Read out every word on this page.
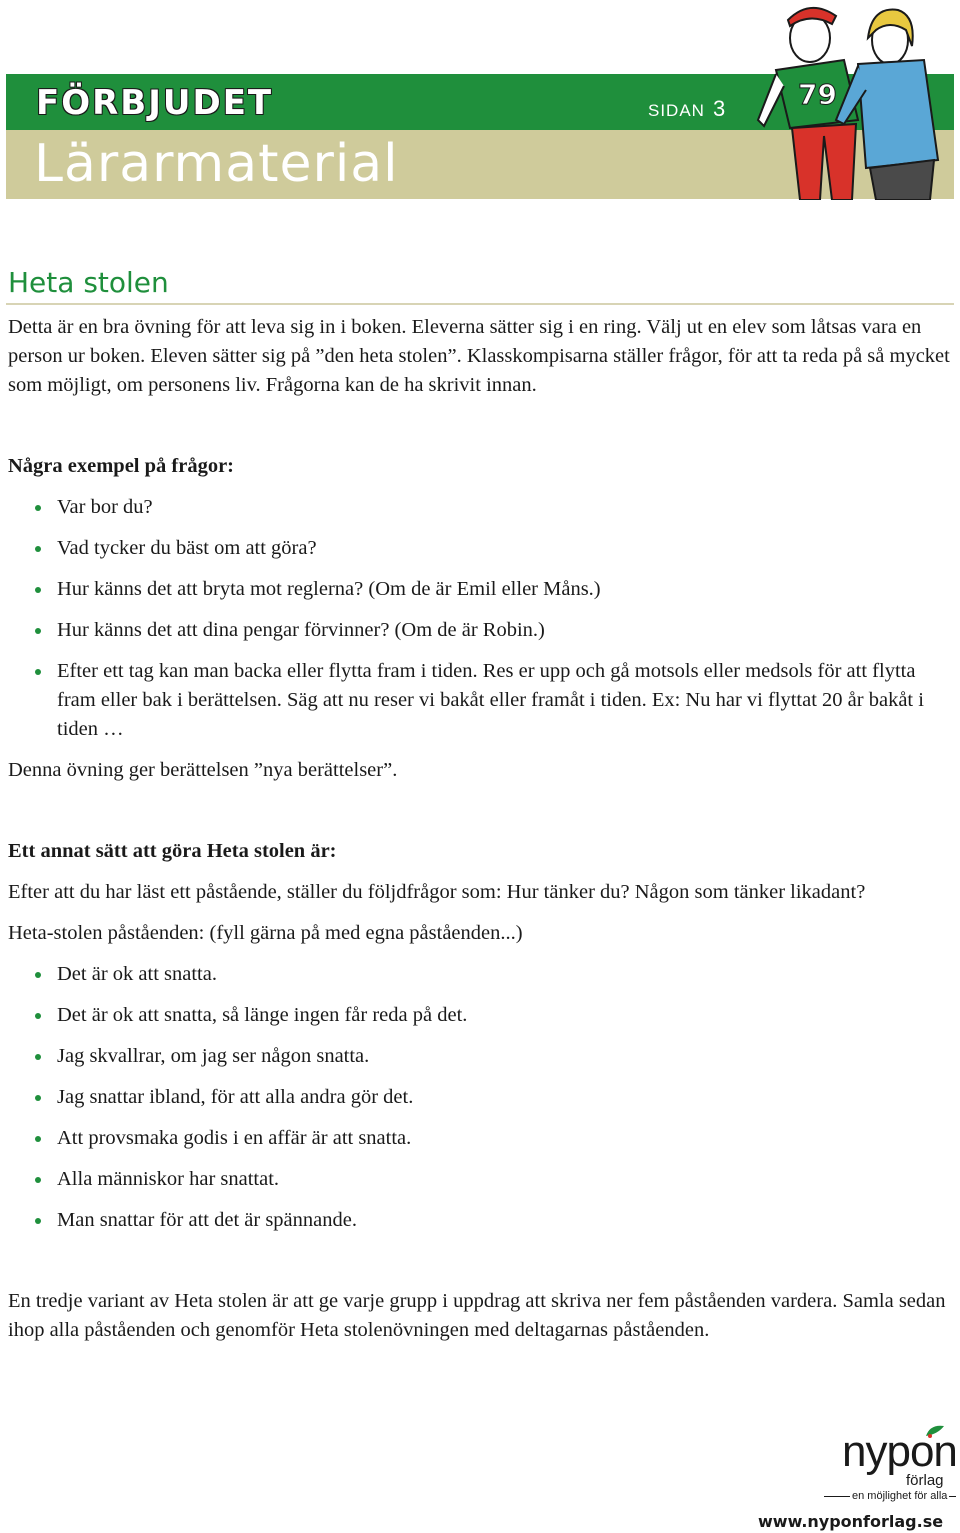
FÖRBJUDET	SIDAN 3
Lärarmaterial
79
Heta stolen

Detta är en bra övning för att leva sig in i boken. Eleverna sätter sig i en ring. Välj ut en elev som låtsas vara en person ur boken. Eleven sätter sig på ”den heta stolen”. Klasskompisarna ställer frågor, för att ta reda på så mycket som möjligt, om personens liv. Frågorna kan de ha skrivit innan.

Några exempel på frågor:

Var bor du?
Vad tycker du bäst om att göra?
Hur känns det att bryta mot reglerna? (Om de är Emil eller Måns.)
Hur känns det att dina pengar förvinner? (Om de är Robin.)
Efter ett tag kan man backa eller flytta fram i tiden. Res er upp och gå motsols eller medsols för att flytta fram eller bak i berättelsen. Säg att nu reser vi bakåt eller framåt i tiden. Ex: Nu har vi flyttat 20 år bakåt i tiden …

Denna övning ger berättelsen ”nya berättelser”.

Ett annat sätt att göra Heta stolen är:

Efter att du har läst ett påstående, ställer du följdfrågor som: Hur tänker du? Någon som tänker likadant?

Heta-stolen påståenden: (fyll gärna på med egna påståenden...)

Det är ok att snatta.
Det är ok att snatta, så länge ingen får reda på det.
Jag skvallrar, om jag ser någon snatta.
Jag snattar ibland, för att alla andra gör det.
Att provsmaka godis i en affär är att snatta.
Alla människor har snattat.
Man snattar för att det är spännande.

En tredje variant av Heta stolen är att ge varje grupp i uppdrag att skriva ner fem påståenden vardera. Samla sedan ihop alla påståenden och genomför Heta stolenövningen med deltagarnas påståenden.

nypon
förlag
en möjlighet för alla
www.nyponforlag.se
